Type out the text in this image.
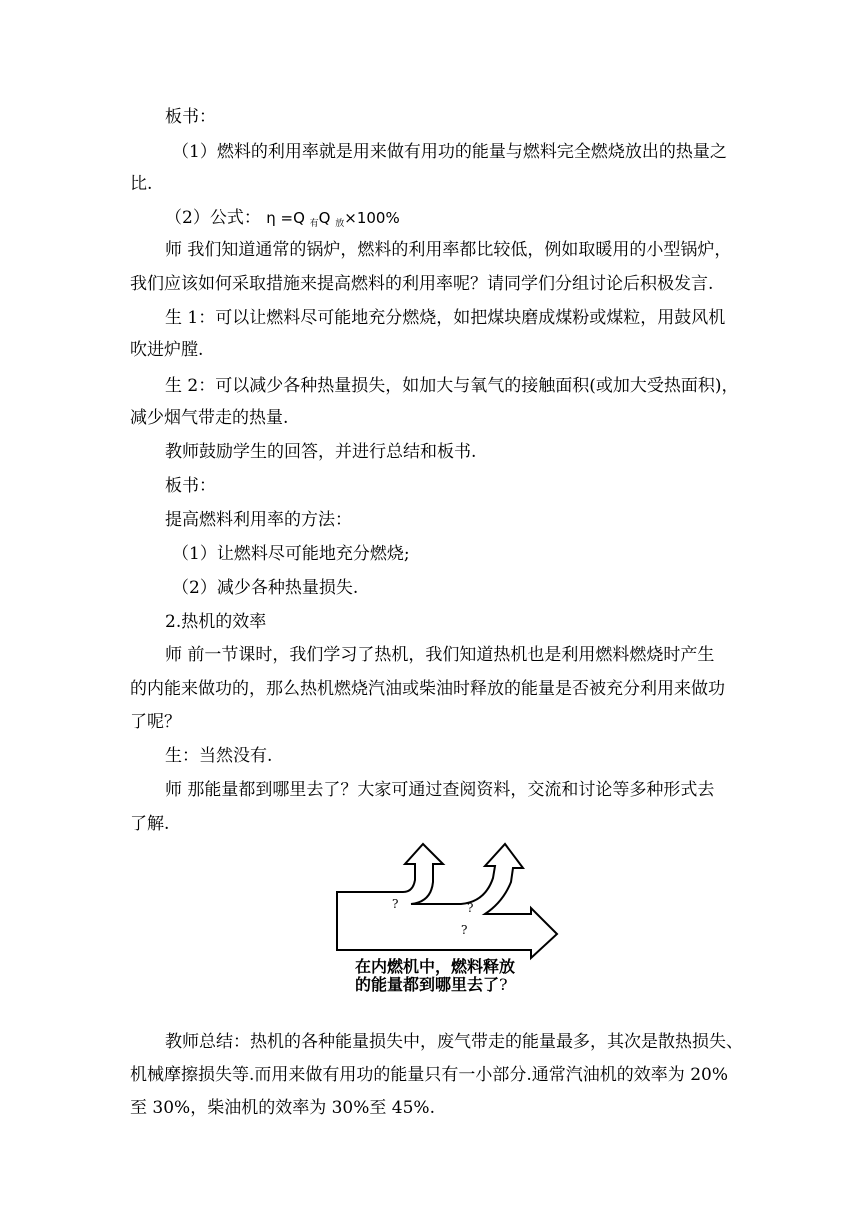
板书：
（1）燃料的利用率就是用来做有用功的能量与燃料完全燃烧放出的热量之
比.
（2）公式： η =Q $_有$Q $_放$×100%
师 我们知道通常的锅炉，燃料的利用率都比较低，例如取暖用的小型锅炉，
我们应该如何采取措施来提高燃料的利用率呢？请同学们分组讨论后积极发言.
生 1：可以让燃料尽可能地充分燃烧，如把煤块磨成煤粉或煤粒，用鼓风机
吹进炉膛.
生 2：可以减少各种热量损失，如加大与氧气的接触面积(或加大受热面积)，
减少烟气带走的热量.
教师鼓励学生的回答，并进行总结和板书.
板书：
提高燃料利用率的方法：
（1）让燃料尽可能地充分燃烧;
（2）减少各种热量损失.
2.热机的效率
师 前一节课时，我们学习了热机，我们知道热机也是利用燃料燃烧时产生
的内能来做功的，那么热机燃烧汽油或柴油时释放的能量是否被充分利用来做功
了呢？
生：当然没有.
师 那能量都到哪里去了？大家可通过查阅资料，交流和讨论等多种形式去
了解.
?	?
?
在内燃机中，燃料释放
的能量都到哪里去了?
教师总结：热机的各种能量损失中，废气带走的能量最多，其次是散热损失、
机械摩擦损失等.而用来做有用功的能量只有一小部分.通常汽油机的效率为 20%
至 30%，柴油机的效率为 30%至 45%.
